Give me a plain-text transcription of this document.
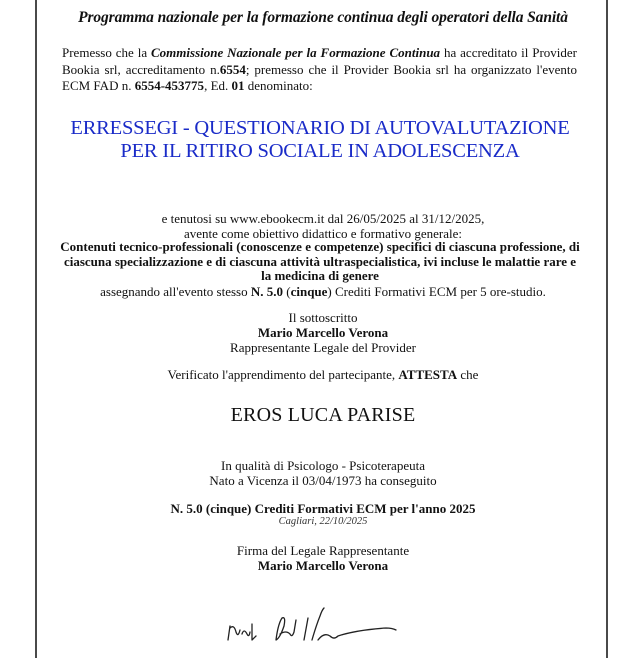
Programma nazionale per la formazione continua degli operatori della Sanità
Premesso che la Commissione Nazionale per la Formazione Continua ha accreditato il Provider Bookia srl, accreditamento n.6554; premesso che il Provider Bookia srl ha organizzato l'evento ECM FAD n. 6554-453775, Ed. 01 denominato:
ERRESSEGI - QUESTIONARIO DI AUTOVALUTAZIONE PER IL RITIRO SOCIALE IN ADOLESCENZA
e tenutosi su www.ebookecm.it dal 26/05/2025 al 31/12/2025,
avente come obiettivo didattico e formativo generale:
Contenuti tecnico-professionali (conoscenze e competenze) specifici di ciascuna professione, di ciascuna specializzazione e di ciascuna attività ultraspecialistica, ivi incluse le malattie rare e la medicina di genere
assegnando all'evento stesso N. 5.0 (cinque) Crediti Formativi ECM per 5 ore-studio.
Il sottoscritto
Mario Marcello Verona
Rappresentante Legale del Provider
Verificato l'apprendimento del partecipante, ATTESTA che
EROS LUCA PARISE
In qualità di Psicologo - Psicoterapeuta
Nato a Vicenza il 03/04/1973 ha conseguito
N. 5.0 (cinque) Crediti Formativi ECM per l'anno 2025
Cagliari, 22/10/2025
Firma del Legale Rappresentante
Mario Marcello Verona
